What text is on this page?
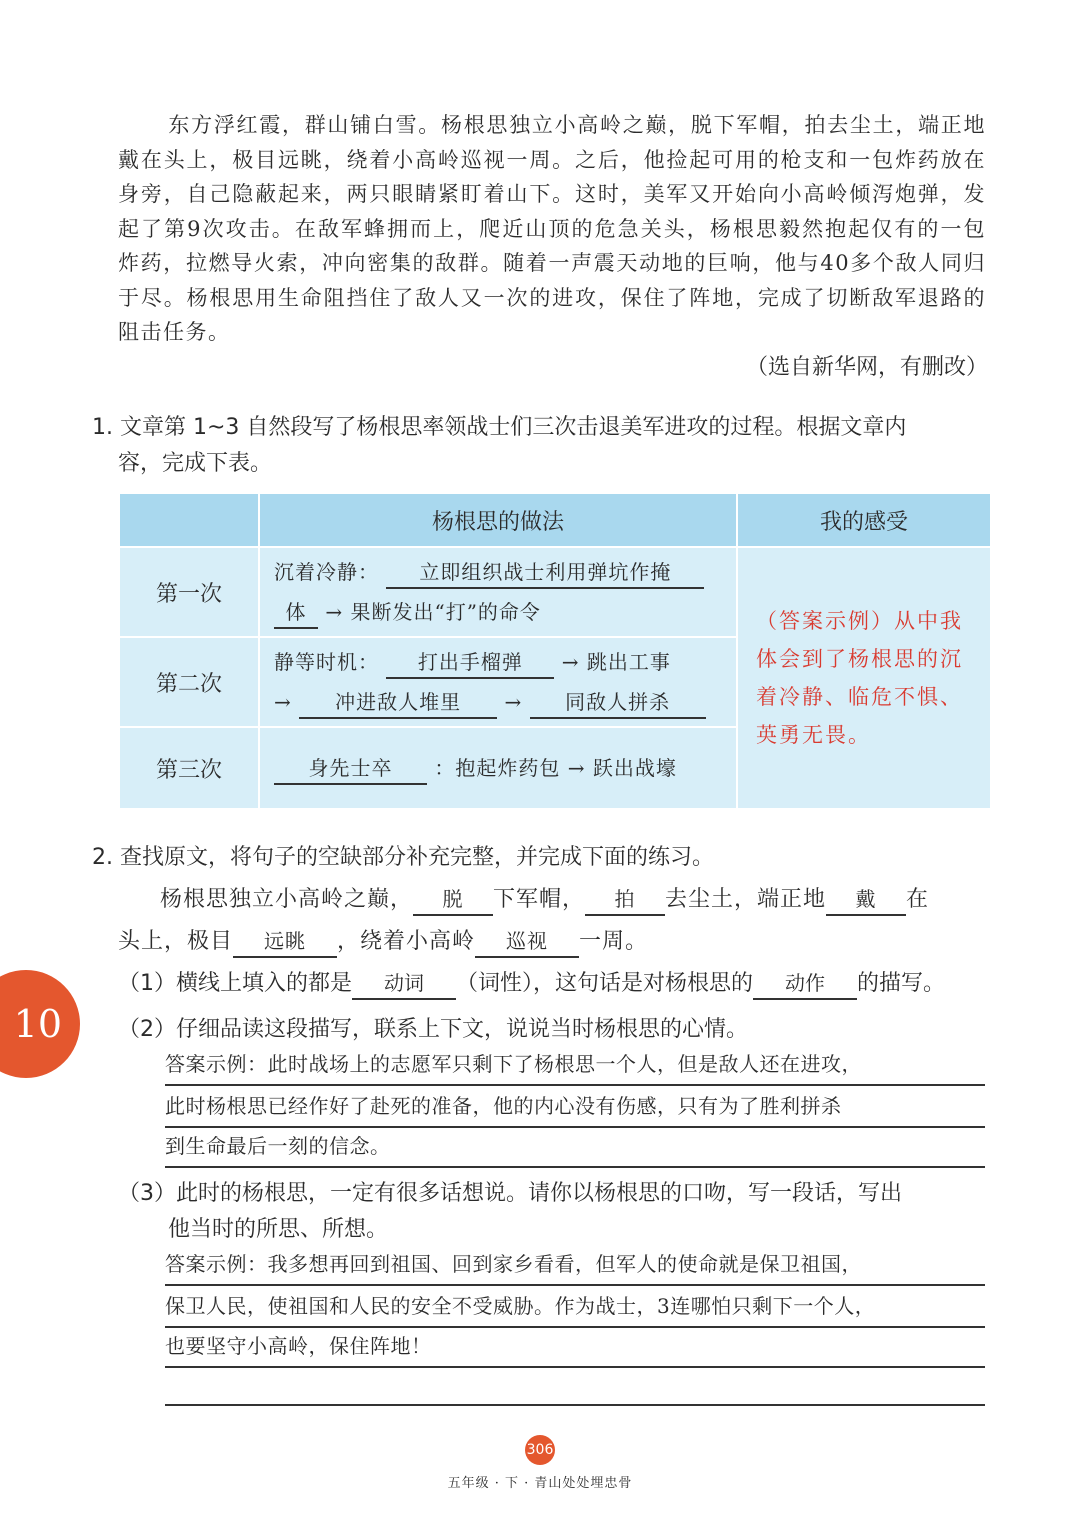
东方浮红霞，群山铺白雪。杨根思独立小高岭之巅，脱下军帽，拍去尘土，端正地戴在头上，极目远眺，绕着小高岭巡视一周。之后，他捡起可用的枪支和一包炸药放在身旁，自己隐蔽起来，两只眼睛紧盯着山下。这时，美军又开始向小高岭倾泻炮弹，发起了第9次攻击。在敌军蜂拥而上，爬近山顶的危急关头，杨根思毅然抱起仅有的一包炸药，拉燃导火索，冲向密集的敌群。随着一声震天动地的巨响，他与40多个敌人同归于尽。杨根思用生命阻挡住了敌人又一次的进攻，保住了阵地，完成了切断敌军退路的阻击任务。

（选自新华网，有删改）
1. 文章第 1~3 自然段写了杨根思率领战士们三次击退美军进攻的过程。根据文章内
容，完成下表。
	杨根思的做法	我的感受
第一次	沉着冷静： 立即组织战士利用弹坑作掩
体 → 果断发出“打”的命令	（答案示例）从中我体会到了杨根思的沉着冷静、临危不惧、英勇无畏。
第二次	静等时机： 打出手榴弹 → 跳出工事
→ 冲进敌人堆里 → 同敌人拼杀	

第三次	身先士卒 ：抱起炸药包 → 跃出战壕	
2. 查找原文，将句子的空缺部分补充完整，并完成下面的练习。
杨根思独立小高岭之巅， 脱 下军帽， 拍 去尘土，端正地 戴 在
头上，极目 远眺 ，绕着小高岭 巡视 一周。
（1）横线上填入的都是 动词 （词性），这句话是对杨根思的 动作 的描写。
（2）仔细品读这段描写，联系上下文，说说当时杨根思的心情。
答案示例：此时战场上的志愿军只剩下了杨根思一个人，但是敌人还在进攻，
此时杨根思已经作好了赴死的准备，他的内心没有伤感，只有为了胜利拼杀
到生命最后一刻的信念。
（3）此时的杨根思，一定有很多话想说。请你以杨根思的口吻，写一段话，写出
他当时的所思、所想。
答案示例：我多想再回到祖国、回到家乡看看，但军人的使命就是保卫祖国，
保卫人民，使祖国和人民的安全不受威胁。作为战士，3连哪怕只剩下一个人，
也要坚守小高岭，保住阵地！
10
306
五年级 · 下 · 青山处处埋忠骨
